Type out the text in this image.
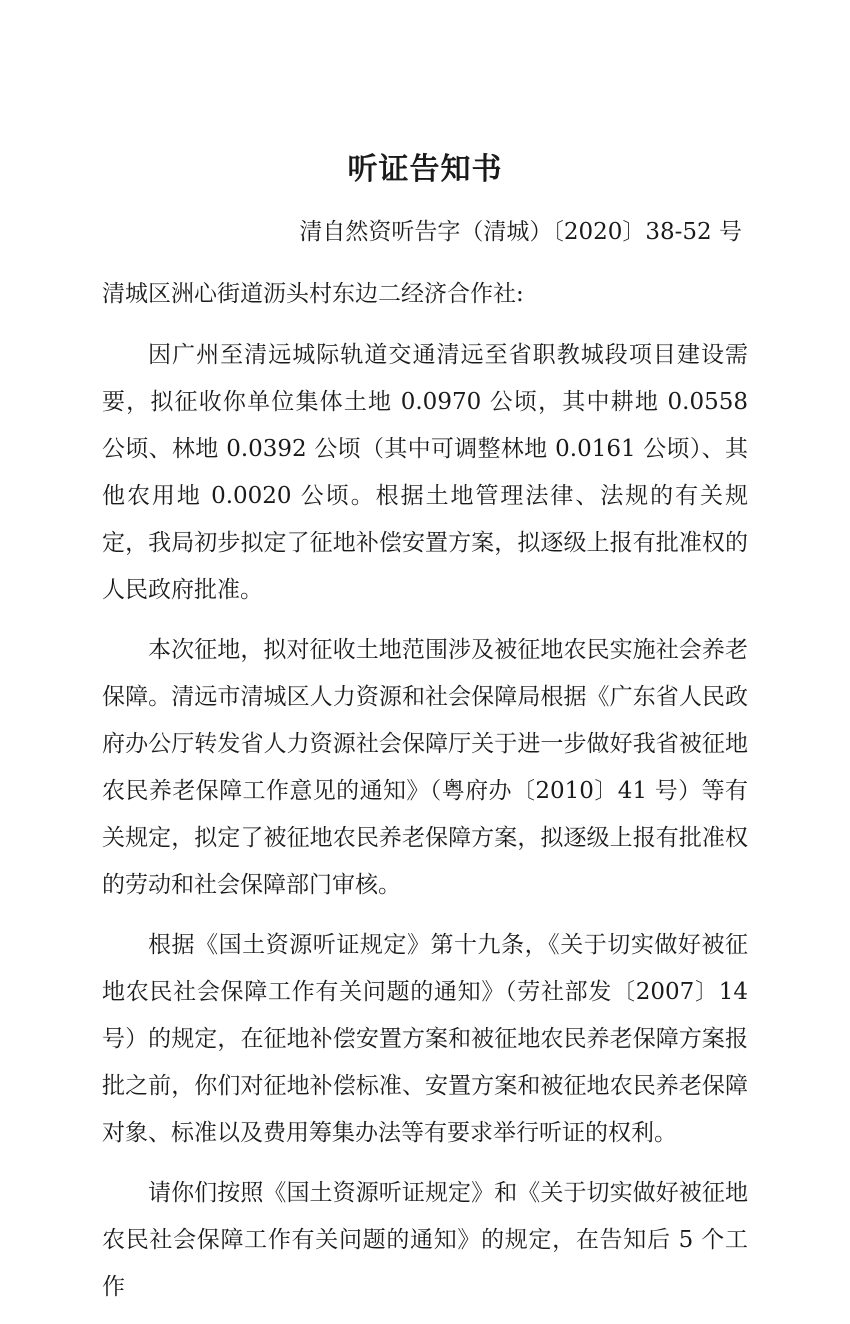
听证告知书
清自然资听告字（清城）〔2020〕38-52 号
清城区洲心街道沥头村东边二经济合作社:

因广州至清远城际轨道交通清远至省职教城段项目建设需要，拟征收你单位集体土地 0.0970 公顷，其中耕地 0.0558 公顷、林地 0.0392 公顷（其中可调整林地 0.0161 公顷）、其他农用地 0.0020 公顷。根据土地管理法律、法规的有关规定，我局初步拟定了征地补偿安置方案，拟逐级上报有批准权的人民政府批准。

本次征地，拟对征收土地范围涉及被征地农民实施社会养老保障。清远市清城区人力资源和社会保障局根据《广东省人民政府办公厅转发省人力资源社会保障厅关于进一步做好我省被征地农民养老保障工作意见的通知》（粤府办〔2010〕41 号）等有关规定，拟定了被征地农民养老保障方案，拟逐级上报有批准权的劳动和社会保障部门审核。

根据《国土资源听证规定》第十九条，《关于切实做好被征地农民社会保障工作有关问题的通知》（劳社部发〔2007〕14 号）的规定，在征地补偿安置方案和被征地农民养老保障方案报批之前，你们对征地补偿标准、安置方案和被征地农民养老保障对象、标准以及费用筹集办法等有要求举行听证的权利。

请你们按照《国土资源听证规定》和《关于切实做好被征地农民社会保障工作有关问题的通知》的规定，在告知后 5 个工作
